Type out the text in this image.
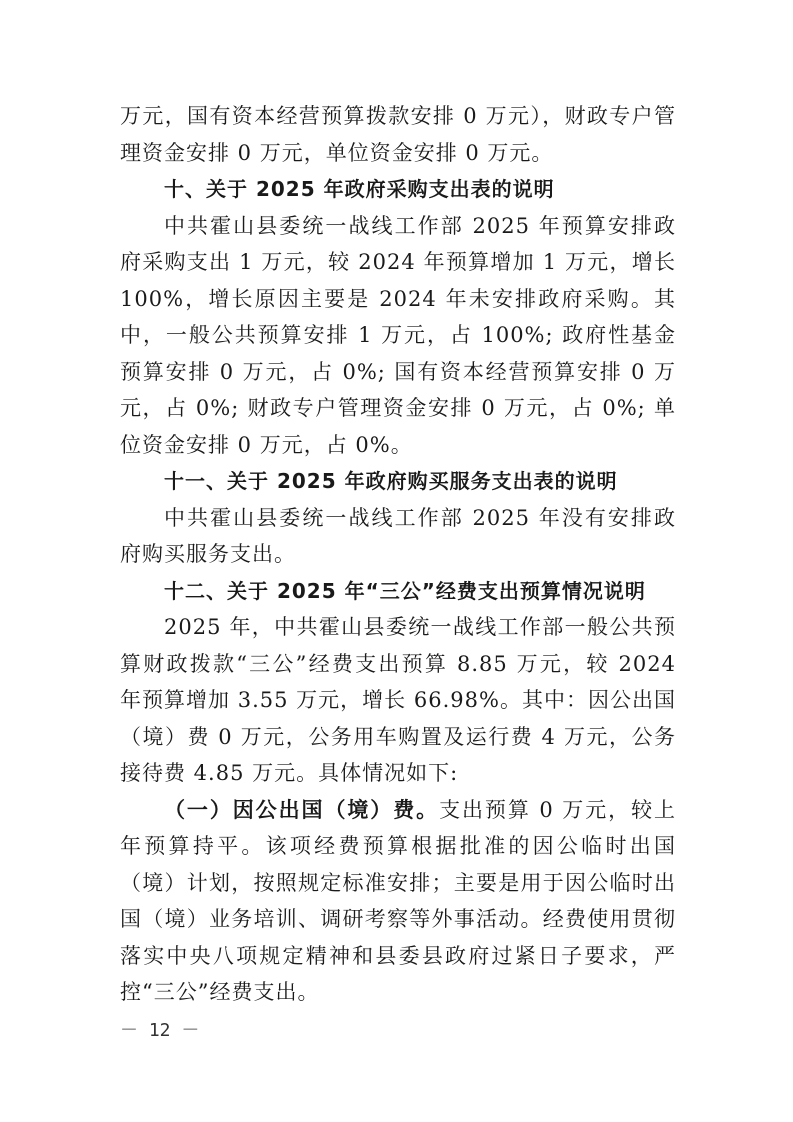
万元，国有资本经营预算拨款安排 0 万元），财政专户管理资金安排 0 万元，单位资金安排 0 万元。

十、关于 2025 年政府采购支出表的说明

中共霍山县委统一战线工作部 2025 年预算安排政府采购支出 1 万元，较 2024 年预算增加 1 万元，增长 100%，增长原因主要是 2024 年未安排政府采购。其中，一般公共预算安排 1 万元，占 100%; 政府性基金预算安排 0 万元，占 0%; 国有资本经营预算安排 0 万元，占 0%; 财政专户管理资金安排 0 万元，占 0%; 单位资金安排 0 万元，占 0%。

十一、关于 2025 年政府购买服务支出表的说明

中共霍山县委统一战线工作部 2025 年没有安排政府购买服务支出。

十二、关于 2025 年“三公”经费支出预算情况说明

2025 年，中共霍山县委统一战线工作部一般公共预算财政拨款“三公”经费支出预算 8.85 万元，较 2024 年预算增加 3.55 万元，增长 66.98%。其中：因公出国（境）费 0 万元，公务用车购置及运行费 4 万元，公务接待费 4.85 万元。具体情况如下:

（一）因公出国（境）费。支出预算 0 万元，较上年预算持平。该项经费预算根据批准的因公临时出国（境）计划，按照规定标准安排；主要是用于因公临时出国（境）业务培训、调研考察等外事活动。经费使用贯彻落实中央八项规定精神和县委县政府过紧日子要求，严控“三公”经费支出。

－ 12 －
